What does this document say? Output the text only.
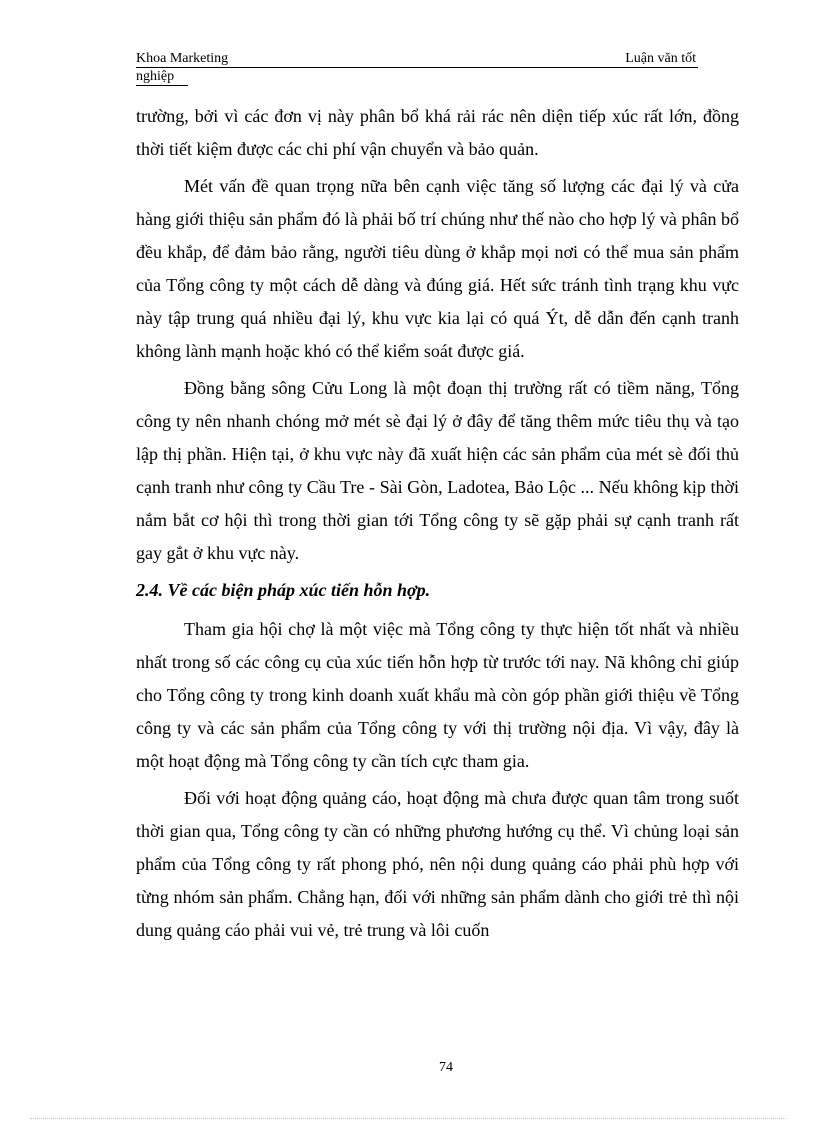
Khoa Marketing	Luận văn tốt
nghiệp

trường, bởi vì các đơn vị này phân bổ khá rải rác nên diện tiếp xúc rất lớn, đồng thời tiết kiệm được các chi phí vận chuyển và bảo quản.

Mét vấn đề quan trọng nữa bên cạnh việc tăng số lượng các đại lý và cửa hàng giới thiệu sản phẩm đó là phải bố trí chúng như thế nào cho hợp lý và phân bổ đều khắp, để đảm bảo rằng, người tiêu dùng ở khắp mọi nơi có thể mua sản phẩm của Tổng công ty một cách dễ dàng và đúng giá. Hết sức tránh tình trạng khu vực này tập trung quá nhiều đại lý, khu vực kia lại có quá Ýt, dễ dẫn đến cạnh tranh không lành mạnh hoặc khó có thể kiểm soát được giá.

Đồng bằng sông Cửu Long là một đoạn thị trường rất có tiềm năng, Tổng công ty nên nhanh chóng mở mét sè đại lý ở đây để tăng thêm mức tiêu thụ và tạo lập thị phần. Hiện tại, ở khu vực này đã xuất hiện các sản phẩm của mét sè đối thủ cạnh tranh như công ty Cầu Tre - Sài Gòn, Ladotea, Bảo Lộc ... Nếu không kịp thời nắm bắt cơ hội thì trong thời gian tới Tổng công ty sẽ gặp phải sự cạnh tranh rất gay gắt ở khu vực này.

2.4. Về các biện pháp xúc tiến hỗn hợp.

Tham gia hội chợ là một việc mà Tổng công ty thực hiện tốt nhất và nhiều nhất trong số các công cụ của xúc tiến hỗn hợp từ trước tới nay. Nã không chỉ giúp cho Tổng công ty trong kinh doanh xuất khẩu mà còn góp phần giới thiệu về Tổng công ty và các sản phẩm của Tổng công ty với thị trường nội địa. Vì vậy, đây là một hoạt động mà Tổng công ty cần tích cực tham gia.

Đối với hoạt động quảng cáo, hoạt động mà chưa được quan tâm trong suốt thời gian qua, Tổng công ty cần có những phương hướng cụ thể. Vì chủng loại sản phẩm của Tổng công ty rất phong phó, nên nội dung quảng cáo phải phù hợp với từng nhóm sản phẩm. Chẳng hạn, đối với những sản phẩm dành cho giới trẻ thì nội dung quảng cáo phải vui vẻ, trẻ trung và lôi cuốn

74
